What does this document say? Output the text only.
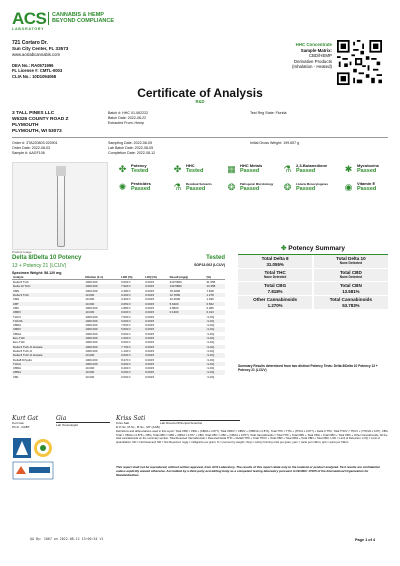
ACS
LABORATORY
CANNABIS & HEMP
BEYOND COMPLIANCE
721 Cortaro Dr.
Sun City Center, FL 33573
www.acslabcannabis.com
DEA No.: RA0571996
FL License #: CMTL-0003
CLIA No.: 10D1094068
Certificate of Analysis
R&D
HHC Concentrate
Sample Matrix:
CBD/HEMP
Derivative Products
(Inhalation - Heated)
3 TALL PINES LLC
W6326 COUNTY ROAD Z
PLYMOUTH
PLYMOUTH, WI 53073
Batch #: HHC 01-062222
Batch Date: 2022-06-22
Extracted From: Hemp
Test Reg State: Florida
Order #: 3TA220803-020001
Order Date: 2022-08-03
Sample #: AAGF106
Sampling Date: 2022-08-05
Lab Batch Date: 2022-08-05
Completion Date: 2022-08-12
Initial Gross Weight: 199.657 g
Product Image
✤	Potency
Tested	✤	HHC
Tested	▦	HHC Metals
Passed	⚗	2,3-Butanedione
Passed	✱	Mycotoxins
Passed
✺	Pesticides
Passed	⚗	Residual Solvents
Passed	❂	Pathogenic Microbiology
Passed	❂	Listeria Monocytogenes
Passed	◉	Vitamin E
Passed
Delta 8/Delta 10 Potency	Tested
13 + Potency 21 (LCUV)	SOP13.002 (LCUV)
Specimen Weight: 58.120 mg
Analyte	Dilution (1:n)	LOD (%)	LOQ (%)	Result (mg/g)	(%)
Delta 8 THC	1000.000	0.000 ±	0.0015	310.5500	31.055
Delta 10 THC	1000.000	7.900 ±	0.0015	133.5800	13.358
CBN	1000.000	2.480 ±	0.0015	78.1800	7.818
Delta 9 THC	10.000	0.200 ±	0.0015	12.7800	1.278
CBG	10.000	0.300 ±	0.0015	10.3000	1.030
CBT	10.000	0.050 ±	0.0015	5.6200	0.562
CBC	1000.000	1.880 ±	0.0015	2.8600	0.286
CBDV	10.000	0.000 ±	0.0015	0.1300	0.013
THCV	1000.000	7.500 ±	0.0015		<LOQ
THCVA	1000.000	0.000 ±	0.0015		<LOQ
CBDA	1000.000	7.500 ±	0.0015		<LOQ
CBDV	1000.000	6.500 ±	0.0015		<LOQ
CBGA	1000.000	0.000 ±	0.0015		<LOQ
Exo-THC	1000.000	1.000 ±	0.0015		<LOQ
Exo-THC	1000.000	5.000 ±	0.0015		<LOQ
Delta 9 THC-O Acetate	1000.000	7.700 ±	0.0015		<LOQ
Delta 8 THC-O	1000.000	1.100 ±	0.0015		<LOQ
Delta 8 THC-O Acetate	10.000	0.000 ±	0.0015		<LOQ
Delta8 Dihydro	1000.000	8.470 ±	0.0015		<LOQ
THCA	1000.000	0.000 ±	0.0015		<LOQ
CBDA	10.000	0.400 ±	0.0015		<LOQ
CBNA	10.000	0.000 ±	0.0015		<LOQ
CBL	10.000	0.000 ±	0.0015		<LOQ
✤ Potency Summary
Total Delta 8
31.055%
Total Delta 10
None Detected
Total THC
None Detected
Total CBD
None Detected
Total CBG
7.818%
Total CBN
13.581%
Other Cannabinoids
1.270%
Total Cannabinoids
53.783%
Summary Results determined from two distinct Potency Tests: Delta 8/Delta 10 Potency 13 + Potency 21 (LCUV)
Kurt Gat
Kurt Gat
Ph.D., DABT
Gia
Lab Toxicologist
Kriss Sati
Kriss Sati
D.H.Sc, M.Sc., B.Sc., MT (AAB)
Lab Director/Principal Scientist
Definitions and abbreviations used in this report: Total CBD = CBD + (CBDA x 0.877), Total CBDV = CBDV + (CBDVA x 0.871), Total THC = THC + (THCA x 0.877) + Delta 9 THC, Total THCV = THCV + (THCVA x 0.87), CBG Total = CBGA x 0.878 + CBG, Total CBN = CBN + CBNA x 0.877 + CBN, Total CBC = CBC + (CBCA x 0.877). Total Cannabinoids = Total THC + Total CBD + Total CBG + Total CBN + Total CBC + Other Cannabinoids. All the total cannabinoids on the summary section. Total Detected Cannabinoids = Detected Delta THC + Delta9 THC + Total THCV + Total CBD + Total CBG + Total CBN + Total CBC. LOD = Limit of Detection; LOQ = Limit of Quantitation; ND = Not Detected; NR = Not Reported. mg/g = milligrams per gram; % = percent by weight; cfu/g = colony forming units per gram; ppm = parts per million; ppb = parts per billion.
This report shall not be reproduced, without written approval, from ACS Laboratory. The results of this report relate only to the material or product analyzed. Test results are confidential unless explicitly waived otherwise. Accredited by a third-party accrediting body as a competent testing laboratory pursuant to ISO/IEC 17025 of the International Organization for Standardization.
QA By: 1067 on 2022-08-12 13:00:54 V1	Page 1 of 4
